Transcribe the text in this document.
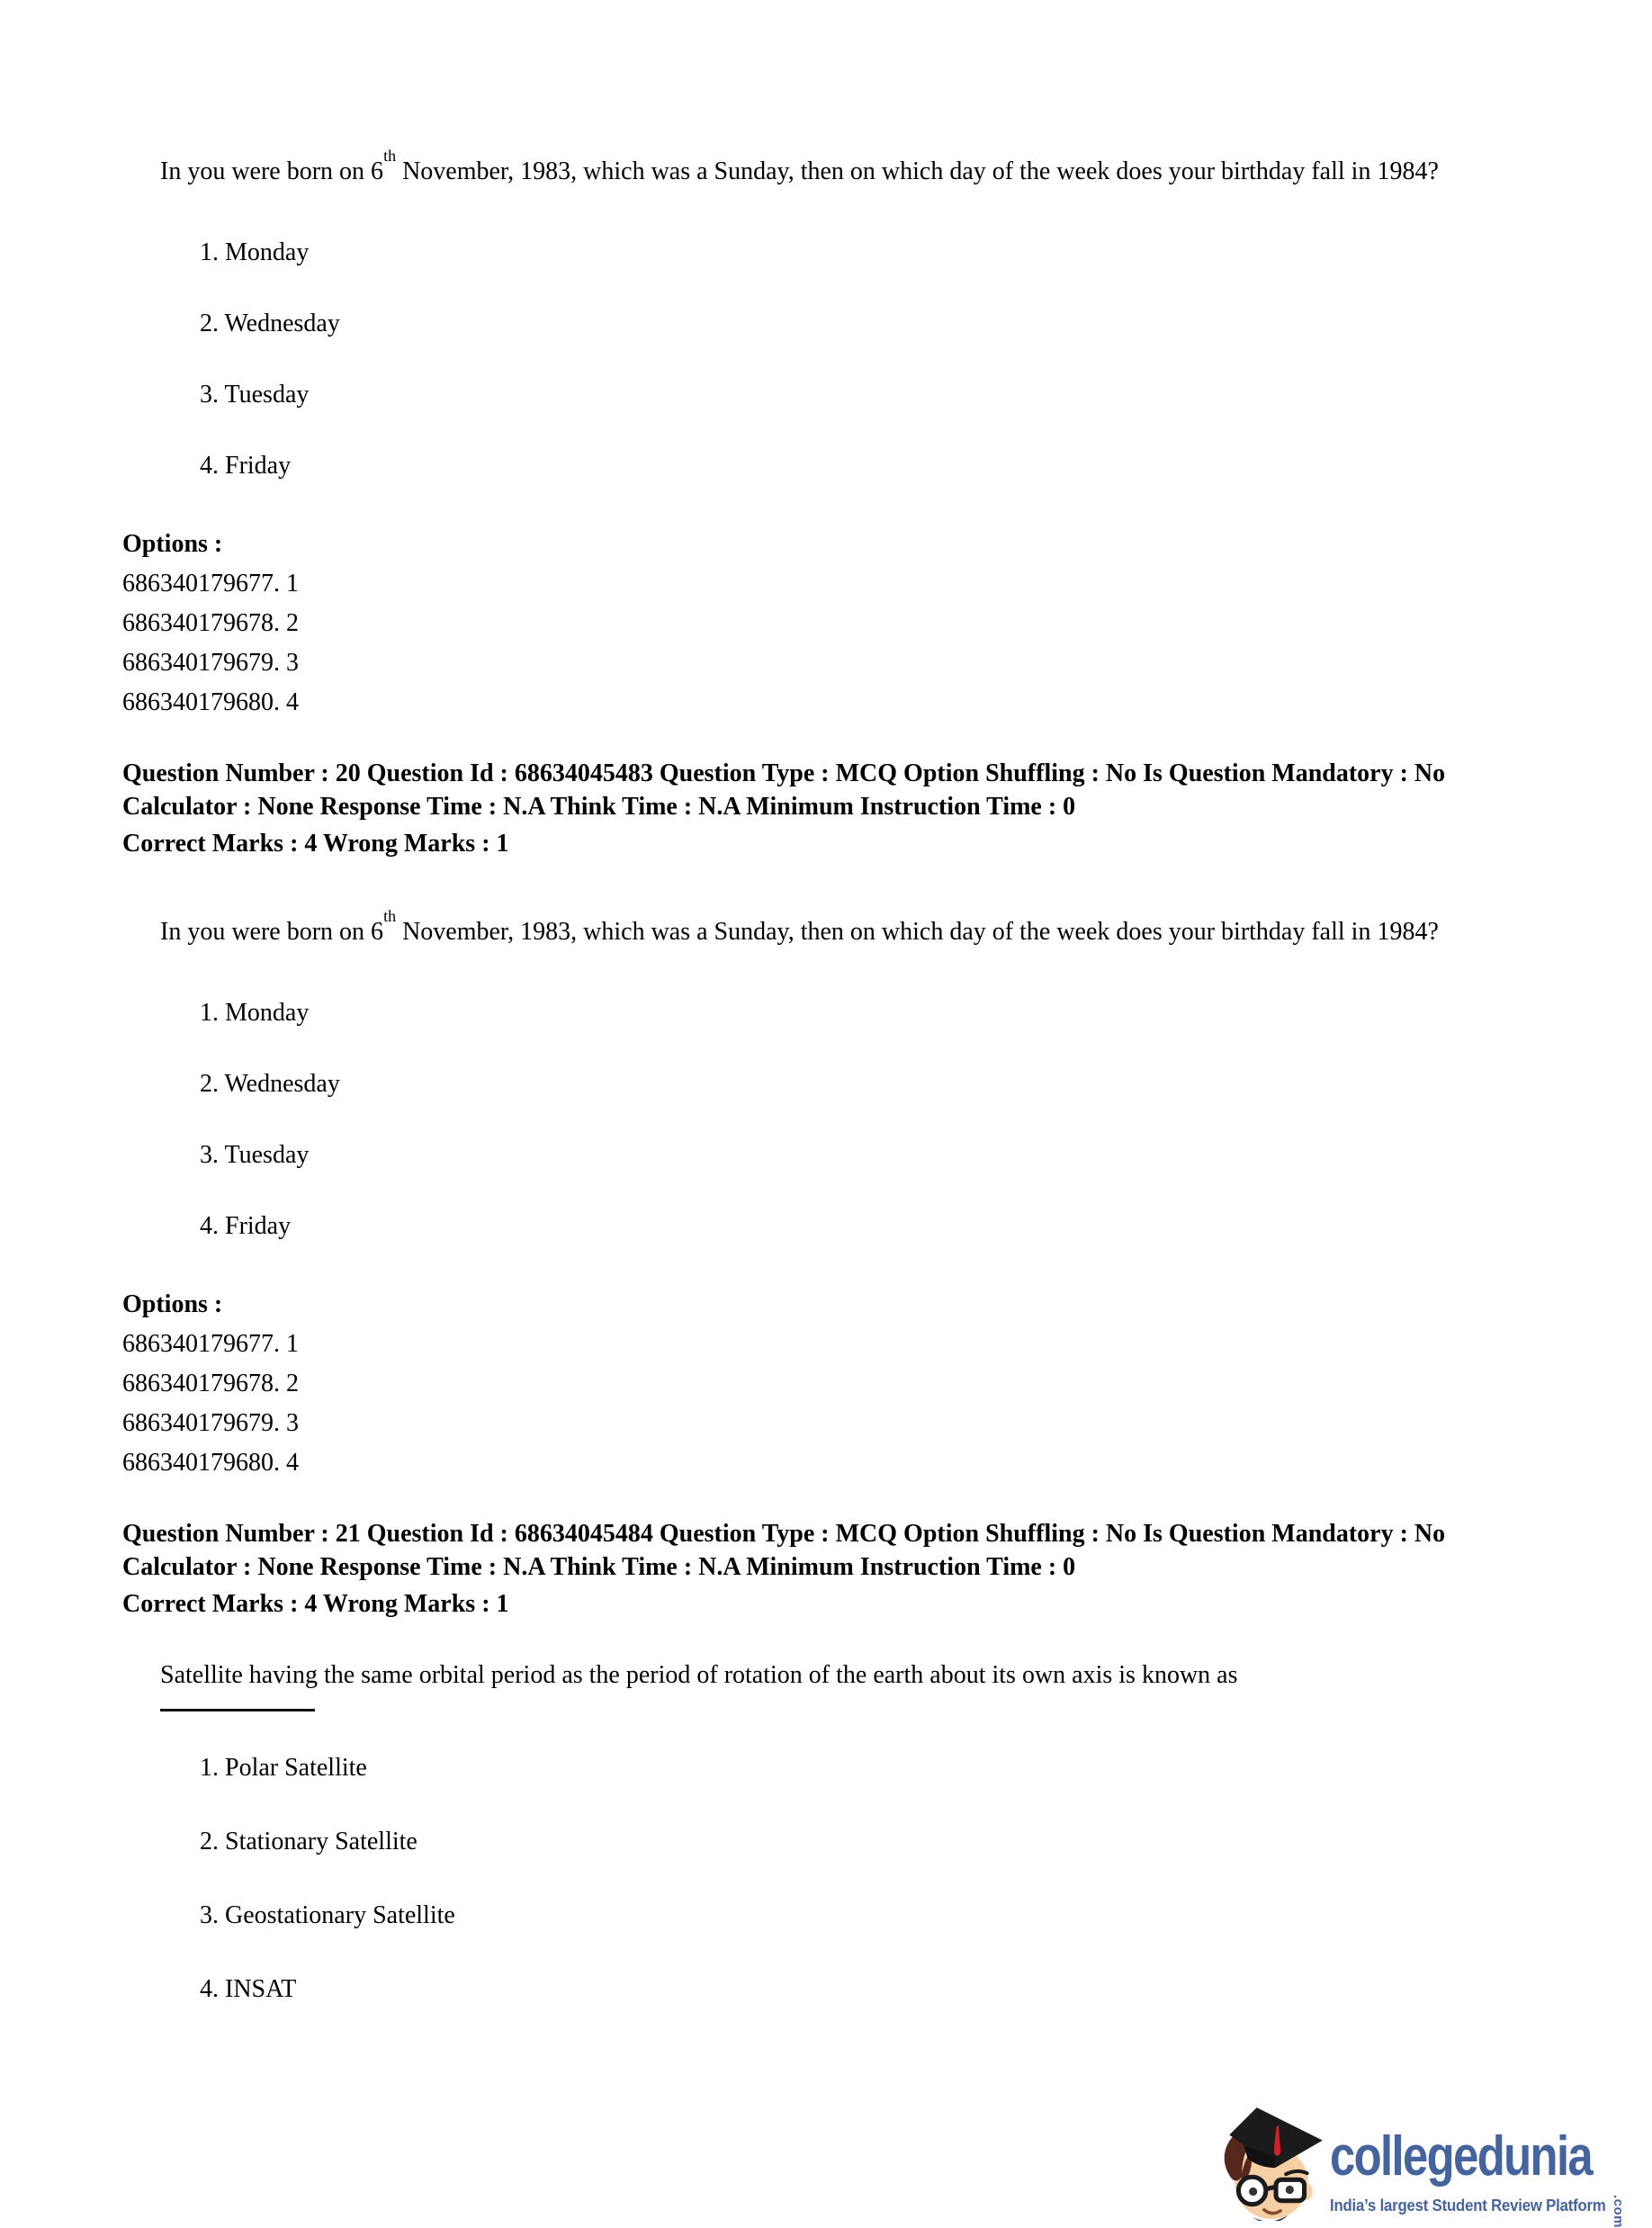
In you were born on 6th November, 1983, which was a Sunday, then on which day of the week does your birthday fall in 1984?

1. Monday

2. Wednesday

3. Tuesday

4. Friday

Options :

686340179677. 1

686340179678. 2

686340179679. 3

686340179680. 4

Question Number : 20 Question Id : 68634045483 Question Type : MCQ Option Shuffling : No Is Question Mandatory : No Calculator : None Response Time : N.A Think Time : N.A Minimum Instruction Time : 0

Correct Marks : 4 Wrong Marks : 1

In you were born on 6th November, 1983, which was a Sunday, then on which day of the week does your birthday fall in 1984?

1. Monday

2. Wednesday

3. Tuesday

4. Friday

Options :

686340179677. 1

686340179678. 2

686340179679. 3

686340179680. 4

Question Number : 21 Question Id : 68634045484 Question Type : MCQ Option Shuffling : No Is Question Mandatory : No Calculator : None Response Time : N.A Think Time : N.A Minimum Instruction Time : 0

Correct Marks : 4 Wrong Marks : 1

Satellite having the same orbital period as the period of rotation of the earth about its own axis is known as

1. Polar Satellite

2. Stationary Satellite

3. Geostationary Satellite

4. INSAT

collegedunia
.com
India’s largest Student Review Platform
